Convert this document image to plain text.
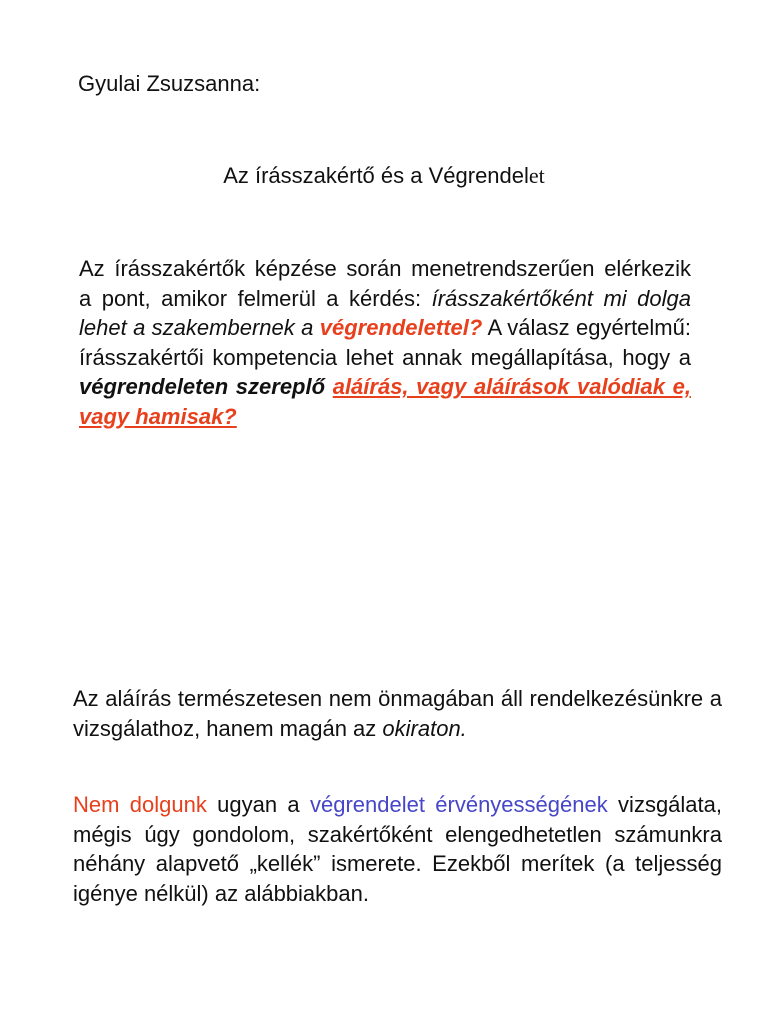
Gyulai Zsuzsanna:

Az írásszakértő és a Végrendelet

Az írásszakértők képzése során menetrendszerűen elérkezik a pont, amikor felmerül a kérdés: írásszakértőként mi dolga lehet a szakembernek a végrendelettel? A válasz egyértelmű: írásszakértői kompetencia lehet annak megállapítása, hogy a végrendeleten szereplő aláírás, vagy aláírások valódiak e, vagy hamisak?

Az aláírás természetesen nem önmagában áll rendelkezésünkre a vizsgálathoz, hanem magán az okiraton.

Nem dolgunk ugyan a végrendelet érvényességének vizsgálata, mégis úgy gondolom, szakértőként elengedhetetlen számunkra néhány alapvető „kellék” ismerete. Ezekből merítek (a teljesség igénye nélkül) az alábbiakban.
